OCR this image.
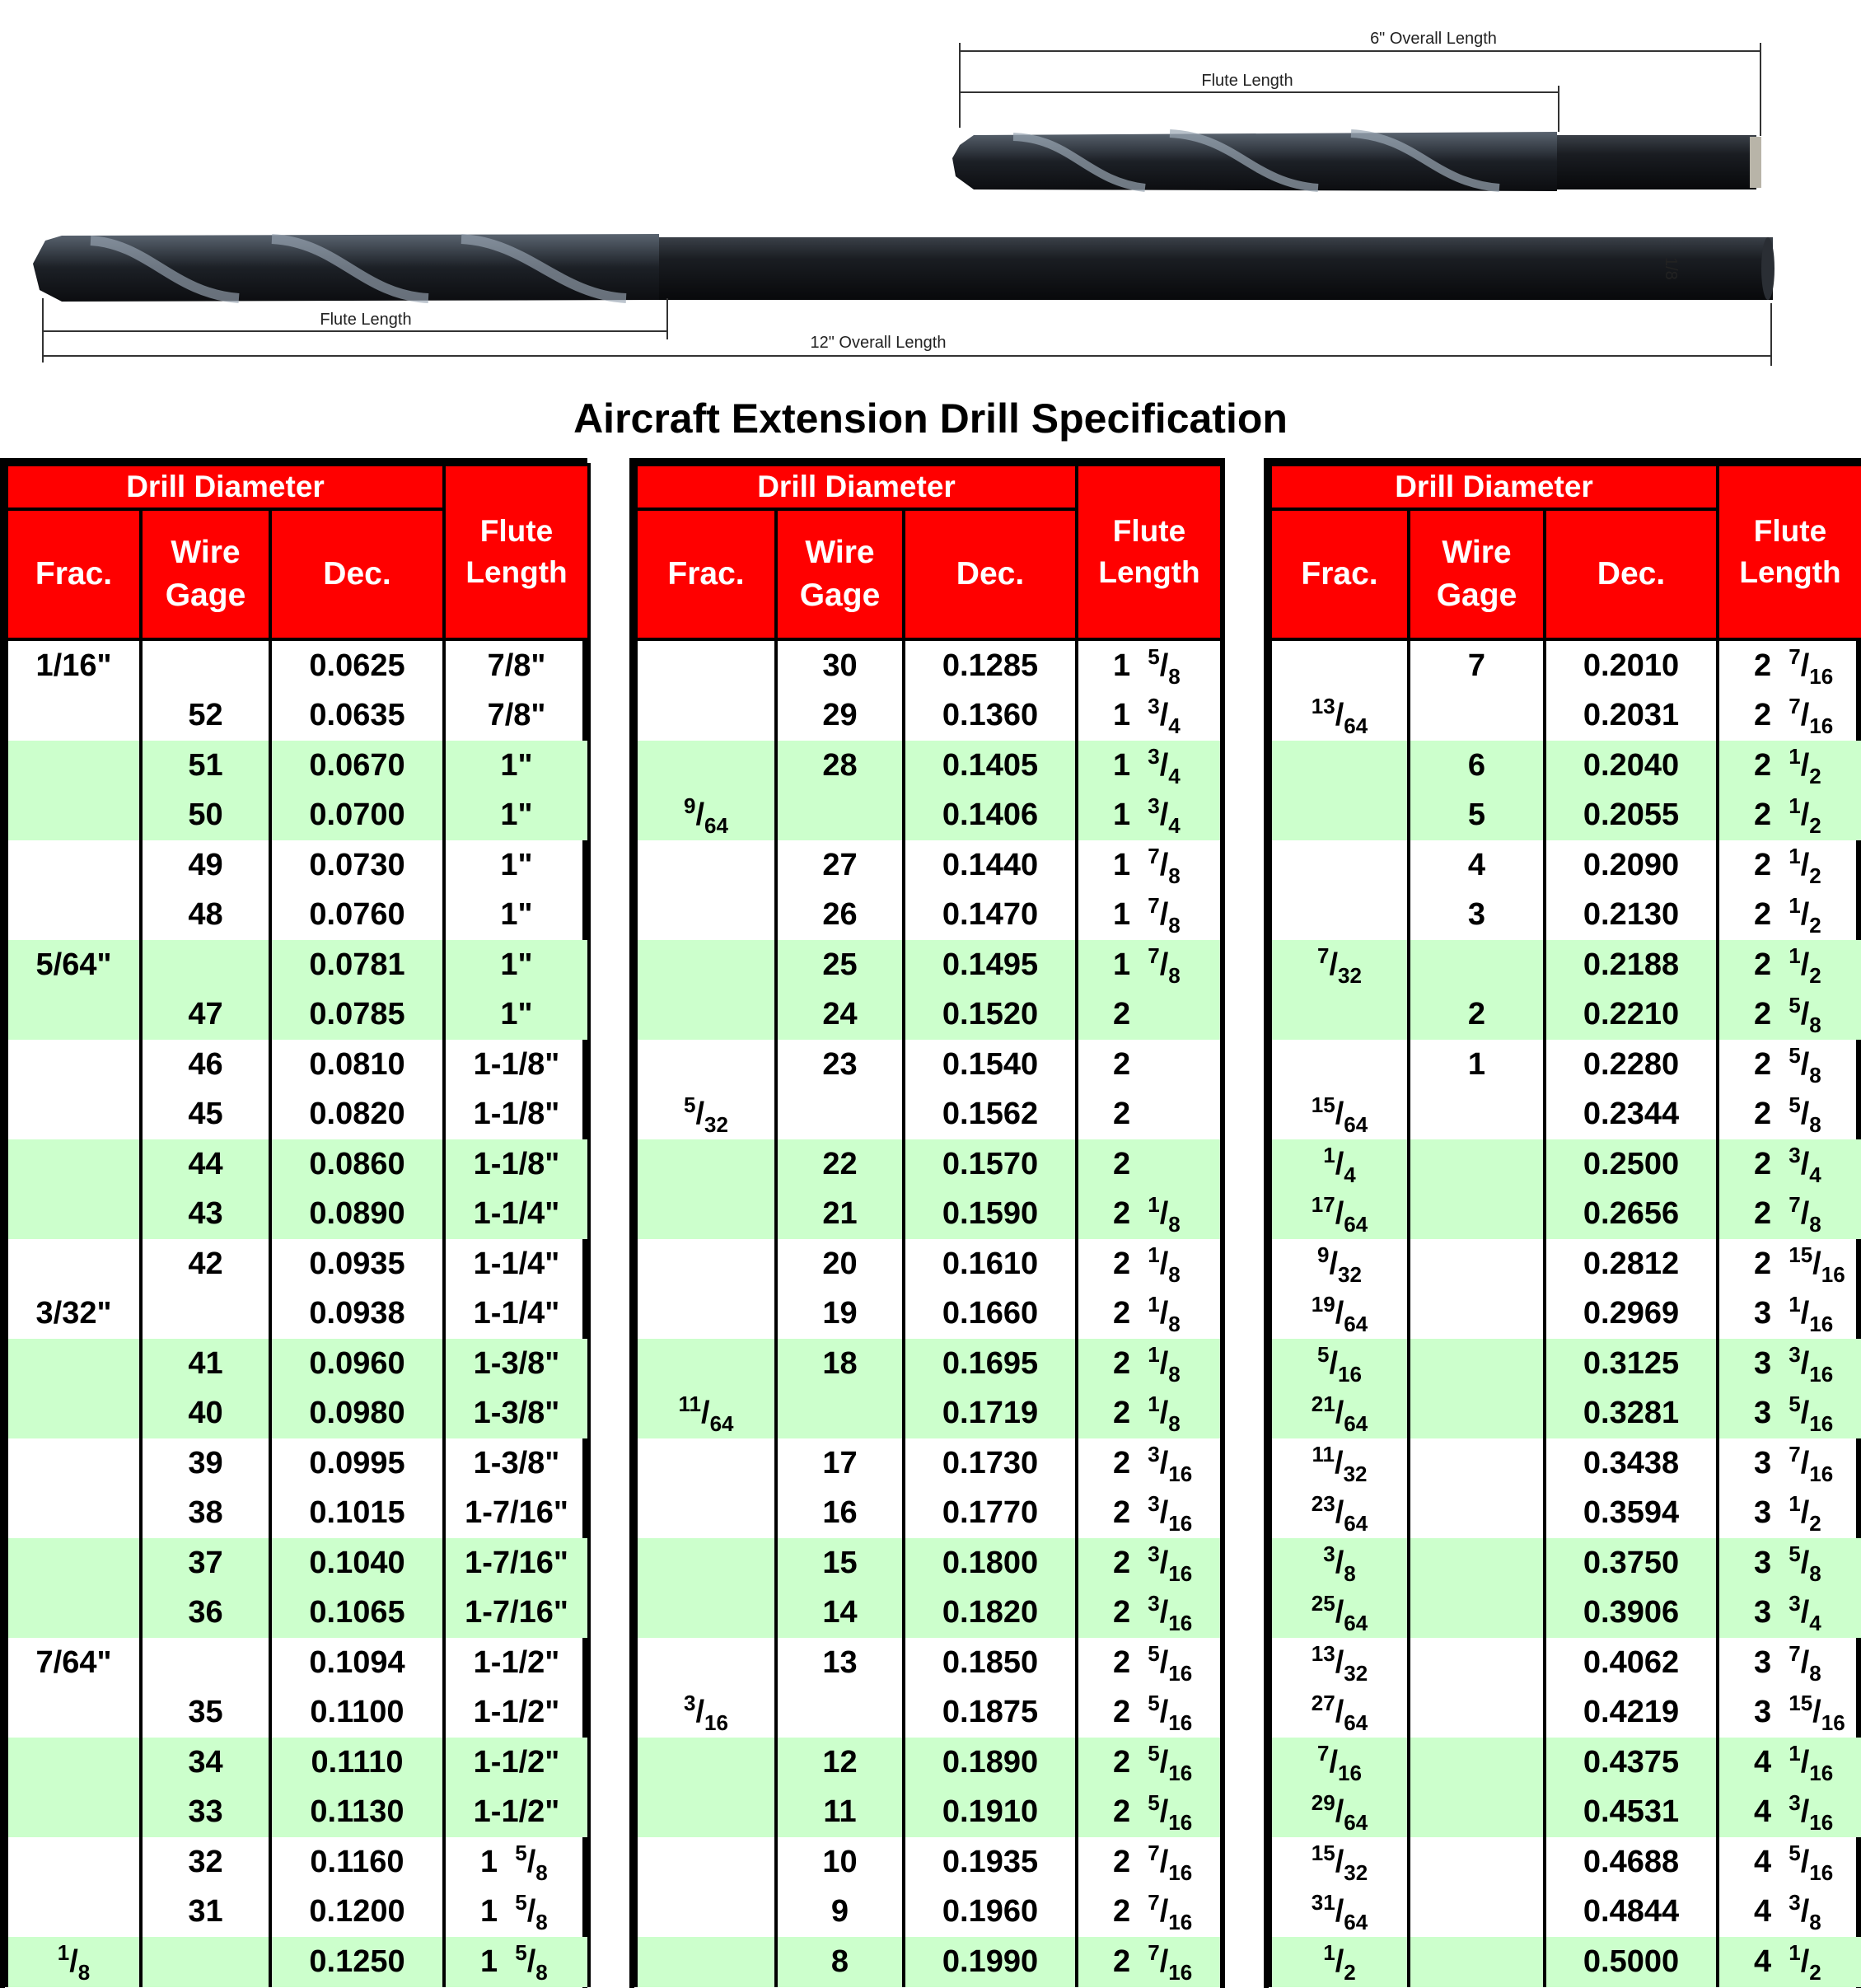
6" Overall Length
Flute Length
1/8
Flute Length
12" Overall Length
Aircraft Extension Drill Specification
Drill Diameter			Flute
Length

Frac.	Wire
Gage	Dec.	
1/16"		0.0625	7/8"
	52	0.0635	7/8"
	51	0.0670	1"
	50	0.0700	1"
	49	0.0730	1"
	48	0.0760	1"
5/64"		0.0781	1"
	47	0.0785	1"
	46	0.0810	1-1/8"
	45	0.0820	1-1/8"
	44	0.0860	1-1/8"
	43	0.0890	1-1/4"
	42	0.0935	1-1/4"
3/32"		0.0938	1-1/4"
	41	0.0960	1-3/8"
	40	0.0980	1-3/8"
	39	0.0995	1-3/8"
	38	0.1015	1-7/16"
	37	0.1040	1-7/16"
	36	0.1065	1-7/16"
7/64"		0.1094	1-1/2"
	35	0.1100	1-1/2"
	34	0.1110	1-1/2"
	33	0.1130	1-1/2"
	32	0.1160	1  $^5/_8$
	31	0.1200	1  $^5/_8$
$^1/_8$		0.1250	1  $^5/_8$
Drill Diameter			Flute
Length

Frac.	Wire
Gage	Dec.	
	30	0.1285	1  $^5/_8$
	29	0.1360	1  $^3/_4$
	28	0.1405	1  $^3/_4$
$^9/_{64}$		0.1406	1  $^3/_4$
	27	0.1440	1  $^7/_8$
	26	0.1470	1  $^7/_8$
	25	0.1495	1  $^7/_8$
	24	0.1520	2
	23	0.1540	2
$^5/_{32}$		0.1562	2
	22	0.1570	2
	21	0.1590	2  $^1/_8$
	20	0.1610	2  $^1/_8$
	19	0.1660	2  $^1/_8$
	18	0.1695	2  $^1/_8$
$^{11}/_{64}$		0.1719	2  $^1/_8$
	17	0.1730	2  $^3/_{16}$
	16	0.1770	2  $^3/_{16}$
	15	0.1800	2  $^3/_{16}$
	14	0.1820	2  $^3/_{16}$
	13	0.1850	2  $^5/_{16}$
$^3/_{16}$		0.1875	2  $^5/_{16}$
	12	0.1890	2  $^5/_{16}$
	11	0.1910	2  $^5/_{16}$
	10	0.1935	2  $^7/_{16}$
	9	0.1960	2  $^7/_{16}$
	8	0.1990	2  $^7/_{16}$
Drill Diameter			Flute
Length

Frac.	Wire
Gage	Dec.	
	7	0.2010	2  $^7/_{16}$
$^{13}/_{64}$		0.2031	2  $^7/_{16}$
	6	0.2040	2  $^1/_2$
	5	0.2055	2  $^1/_2$
	4	0.2090	2  $^1/_2$
	3	0.2130	2  $^1/_2$
$^7/_{32}$		0.2188	2  $^1/_2$
	2	0.2210	2  $^5/_8$
	1	0.2280	2  $^5/_8$
$^{15}/_{64}$		0.2344	2  $^5/_8$
$^1/_4$		0.2500	2  $^3/_4$
$^{17}/_{64}$		0.2656	2  $^7/_8$
$^9/_{32}$		0.2812	2  $^{15}/_{16}$
$^{19}/_{64}$		0.2969	3  $^1/_{16}$
$^5/_{16}$		0.3125	3  $^3/_{16}$
$^{21}/_{64}$		0.3281	3  $^5/_{16}$
$^{11}/_{32}$		0.3438	3  $^7/_{16}$
$^{23}/_{64}$		0.3594	3  $^1/_2$
$^3/_8$		0.3750	3  $^5/_8$
$^{25}/_{64}$		0.3906	3  $^3/_4$
$^{13}/_{32}$		0.4062	3  $^7/_8$
$^{27}/_{64}$		0.4219	3  $^{15}/_{16}$
$^7/_{16}$		0.4375	4  $^1/_{16}$
$^{29}/_{64}$		0.4531	4  $^3/_{16}$
$^{15}/_{32}$		0.4688	4  $^5/_{16}$
$^{31}/_{64}$		0.4844	4  $^3/_8$
$^1/_2$		0.5000	4  $^1/_2$
